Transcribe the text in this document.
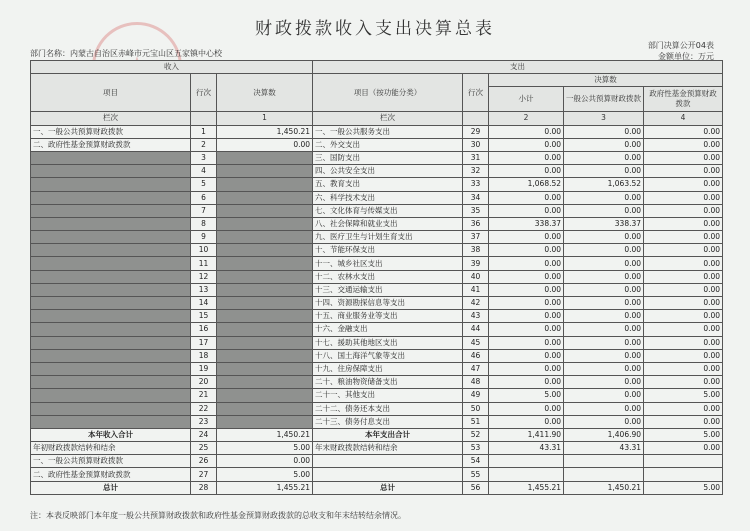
财政拨款收入支出决算总表
部门名称：内蒙古自治区赤峰市元宝山区五家镇中心校
部门决算公开04表
金额单位：万元
收入			支出				
项目	行次	决算数	项目（按功能分类）	行次	决算数		
					小计	一般公共预算财政拨款	政府性基金预算财政拨款
栏次		1	栏次		2	3	4
一、一般公共预算财政拨款	1	1,450.21	一、一般公共服务支出	29	0.00	0.00	0.00
二、政府性基金预算财政拨款	2	0.00	二、外交支出	30	0.00	0.00	0.00
	3		三、国防支出	31	0.00	0.00	0.00
	4		四、公共安全支出	32	0.00	0.00	0.00
	5		五、教育支出	33	1,068.52	1,063.52	0.00
	6		六、科学技术支出	34	0.00	0.00	0.00
	7		七、文化体育与传媒支出	35	0.00	0.00	0.00
	8		八、社会保障和就业支出	36	338.37	338.37	0.00
	9		九、医疗卫生与计划生育支出	37	0.00	0.00	0.00
	10		十、节能环保支出	38	0.00	0.00	0.00
	11		十一、城乡社区支出	39	0.00	0.00	0.00
	12		十二、农林水支出	40	0.00	0.00	0.00
	13		十三、交通运输支出	41	0.00	0.00	0.00
	14		十四、资源勘探信息等支出	42	0.00	0.00	0.00
	15		十五、商业服务业等支出	43	0.00	0.00	0.00
	16		十六、金融支出	44	0.00	0.00	0.00
	17		十七、援助其他地区支出	45	0.00	0.00	0.00
	18		十八、国土海洋气象等支出	46	0.00	0.00	0.00
	19		十九、住房保障支出	47	0.00	0.00	0.00
	20		二十、粮油物资储备支出	48	0.00	0.00	0.00
	21		二十一、其他支出	49	5.00	0.00	5.00
	22		二十二、债务还本支出	50	0.00	0.00	0.00
	23		二十三、债务付息支出	51	0.00	0.00	0.00
本年收入合计	24	1,450.21	本年支出合计	52	1,411.90	1,406.90	5.00
年初财政拨款结转和结余	25	5.00	年末财政拨款结转和结余	53	43.31	43.31	0.00
一、一般公共预算财政拨款	26	0.00		54			
二、政府性基金预算财政拨款	27	5.00		55			
总计	28	1,455.21	总计	56	1,455.21	1,450.21	5.00
注：本表反映部门本年度一般公共预算财政拨款和政府性基金预算财政拨款的总收支和年末结转结余情况。
